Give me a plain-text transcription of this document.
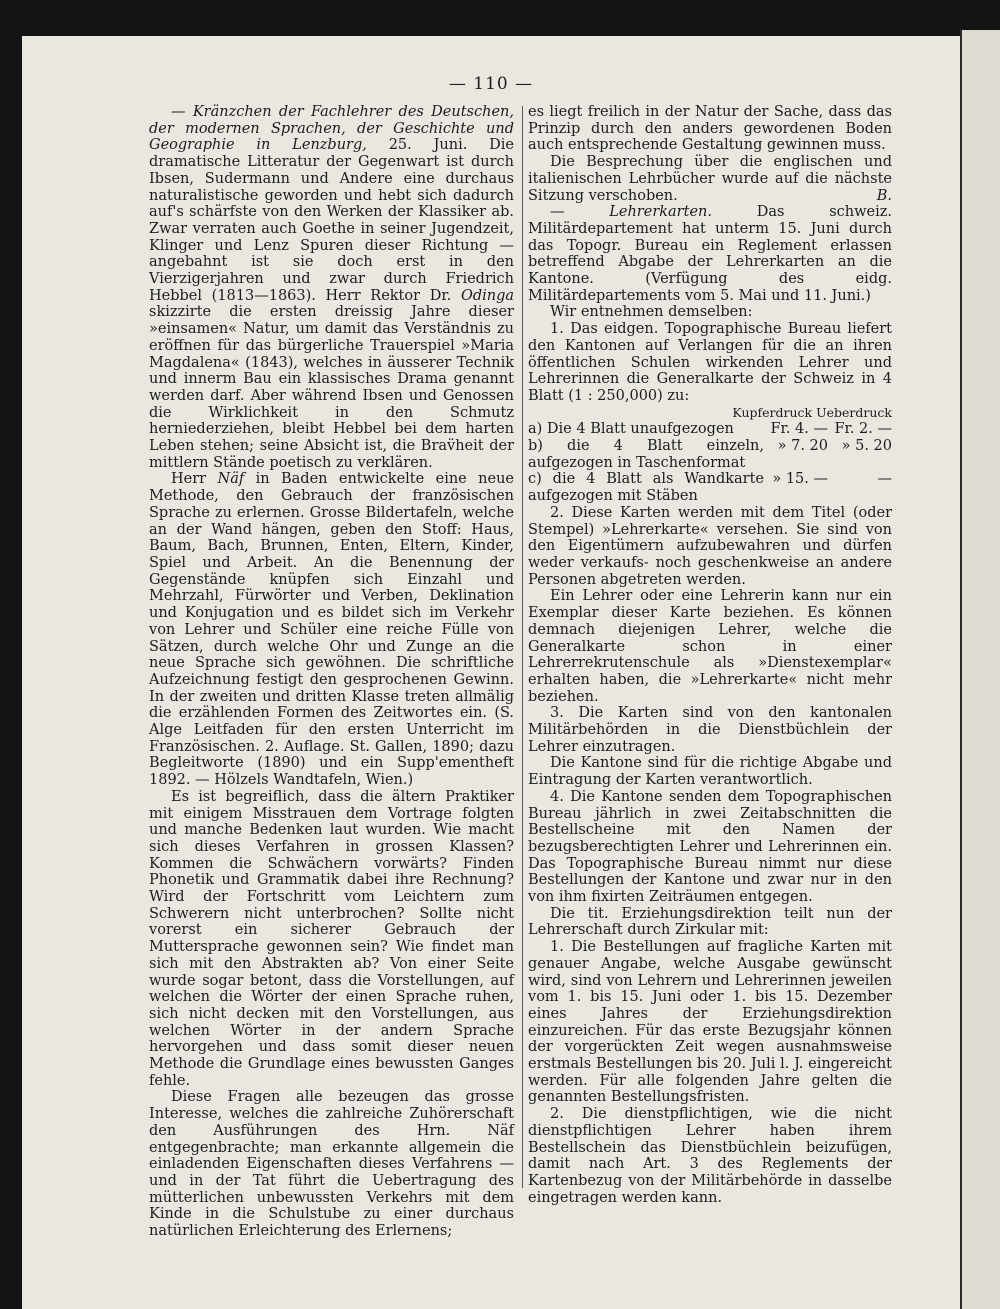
— 110 —

— Kränzchen der Fachlehrer des Deutschen, der modernen Sprachen, der Geschichte und Geographie in Lenzburg, 25. Juni. Die dramatische Litteratur der Gegenwart ist durch Ibsen, Sudermann und Andere eine durchaus naturalistische geworden und hebt sich dadurch auf's schärfste von den Werken der Klassiker ab. Zwar verraten auch Goethe in seiner Jugendzeit, Klinger und Lenz Spuren dieser Richtung — angebahnt ist sie doch erst in den Vierzigerjahren und zwar durch Friedrich Hebbel (1813—1863). Herr Rektor Dr. Odinga skizzirte die ersten dreissig Jahre dieser »einsamen« Natur, um damit das Verständnis zu eröffnen für das bürgerliche Trauerspiel »Maria Magdalena« (1843), welches in äusserer Technik und innerm Bau ein klassisches Drama genannt werden darf. Aber während Ibsen und Genossen die Wirklichkeit in den Schmutz herniederziehen, bleibt Hebbel bei dem harten Leben stehen; seine Absicht ist, die Brav̈heit der mittlern Stände poetisch zu verklären.

Herr Näf in Baden entwickelte eine neue Methode, den Gebrauch der französischen Sprache zu erlernen. Grosse Bildertafeln, welche an der Wand hängen, geben den Stoff: Haus, Baum, Bach, Brunnen, Enten, Eltern, Kinder, Spiel und Arbeit. An die Benennung der Gegenstände knüpfen sich Einzahl und Mehrzahl, Fürwörter und Verben, Deklination und Konjugation und es bildet sich im Verkehr von Lehrer und Schüler eine reiche Fülle von Sätzen, durch welche Ohr und Zunge an die neue Sprache sich gewöhnen. Die schriftliche Aufzeichnung festigt den gesprochenen Gewinn. In der zweiten und dritten Klasse treten allmälig die erzählenden Formen des Zeitwortes ein. (S. Alge Leitfaden für den ersten Unterricht im Französischen. 2. Auflage. St. Gallen, 1890; dazu Begleitworte (1890) und ein Supp'ementheft 1892. — Hölzels Wandtafeln, Wien.)

Es ist begreiflich, dass die ältern Praktiker mit einigem Misstrauen dem Vortrage folgten und manche Bedenken laut wurden. Wie macht sich dieses Verfahren in grossen Klassen? Kommen die Schwächern vorwärts? Finden Phonetik und Grammatik dabei ihre Rechnung? Wird der Fortschritt vom Leichtern zum Schwerern nicht unterbrochen? Sollte nicht vorerst ein sicherer Gebrauch der Muttersprache gewonnen sein? Wie findet man sich mit den Abstrakten ab? Von einer Seite wurde sogar betont, dass die Vorstellungen, auf welchen die Wörter der einen Sprache ruhen, sich nicht decken mit den Vorstellungen, aus welchen Wörter in der andern Sprache hervorgehen und dass somit dieser neuen Methode die Grundlage eines bewussten Ganges fehle.

Diese Fragen alle bezeugen das grosse Interesse, welches die zahlreiche Zuhörerschaft den Ausführungen des Hrn. Näf entgegenbrachte; man erkannte allgemein die einladenden Eigenschaften dieses Verfahrens — und in der Tat führt die Uebertragung des mütterlichen unbewussten Verkehrs mit dem Kinde in die Schulstube zu einer durchaus natürlichen Erleichterung des Erlernens;

es liegt freilich in der Natur der Sache, dass das Prinzip durch den anders gewordenen Boden auch entsprechende Gestaltung gewinnen muss.

Die Besprechung über die englischen und italienischen Lehrbücher wurde auf die nächste Sitzung verschoben.	B.

— Lehrerkarten. Das schweiz. Militärdepartement hat unterm 15. Juni durch das Topogr. Bureau ein Reglement erlassen betreffend Abgabe der Lehrerkarten an die Kantone. (Verfügung des eidg. Militärdepartements vom 5. Mai und 11. Juni.)

Wir entnehmen demselben:

1. Das eidgen. Topographische Bureau liefert den Kantonen auf Verlangen für die an ihren öffentlichen Schulen wirkenden Lehrer und Lehrerinnen die Generalkarte der Schweiz in 4 Blatt (1 : 250,000) zu:

Kupferdruck Ueberdruck

a) Die 4 Blatt unaufgezogen	Fr. 4. — Fr. 2. —
b) die 4 Blatt einzeln, aufgezogen in Taschenformat
» 7. 20 » 5. 20
c) die 4 Blatt als Wandkarte aufgezogen mit Stäben
» 15. —	—

2. Diese Karten werden mit dem Titel (oder Stempel) »Lehrerkarte« versehen. Sie sind von den Eigentümern aufzubewahren und dürfen weder verkaufs- noch geschenkweise an andere Personen abgetreten werden.

Ein Lehrer oder eine Lehrerin kann nur ein Exemplar dieser Karte beziehen. Es können demnach diejenigen Lehrer, welche die Generalkarte schon in einer Lehrerrekrutenschule als »Dienstexemplar« erhalten haben, die »Lehrerkarte« nicht mehr beziehen.

3. Die Karten sind von den kantonalen Militärbehörden in die Dienstbüchlein der Lehrer einzutragen.

Die Kantone sind für die richtige Abgabe und Eintragung der Karten verantwortlich.

4. Die Kantone senden dem Topographischen Bureau jährlich in zwei Zeitabschnitten die Bestellscheine mit den Namen der bezugsberechtigten Lehrer und Lehrerinnen ein. Das Topographische Bureau nimmt nur diese Bestellungen der Kantone und zwar nur in den von ihm fixirten Zeiträumen entgegen.

Die tit. Erziehungsdirektion teilt nun der Lehrerschaft durch Zirkular mit:

1. Die Bestellungen auf fragliche Karten mit genauer Angabe, welche Ausgabe gewünscht wird, sind von Lehrern und Lehrerinnen jeweilen vom 1. bis 15. Juni oder 1. bis 15. Dezember eines Jahres der Erziehungsdirektion einzureichen. Für das erste Bezugsjahr können der vorgerückten Zeit wegen ausnahmsweise erstmals Bestellungen bis 20. Juli l. J. eingereicht werden. Für alle folgenden Jahre gelten die genannten Bestellungsfristen.

2. Die dienstpflichtigen, wie die nicht dienstpflichtigen Lehrer haben ihrem Bestellschein das Dienstbüchlein beizufügen, damit nach Art. 3 des Reglements der Kartenbezug von der Militärbehörde in dasselbe eingetragen werden kann.
